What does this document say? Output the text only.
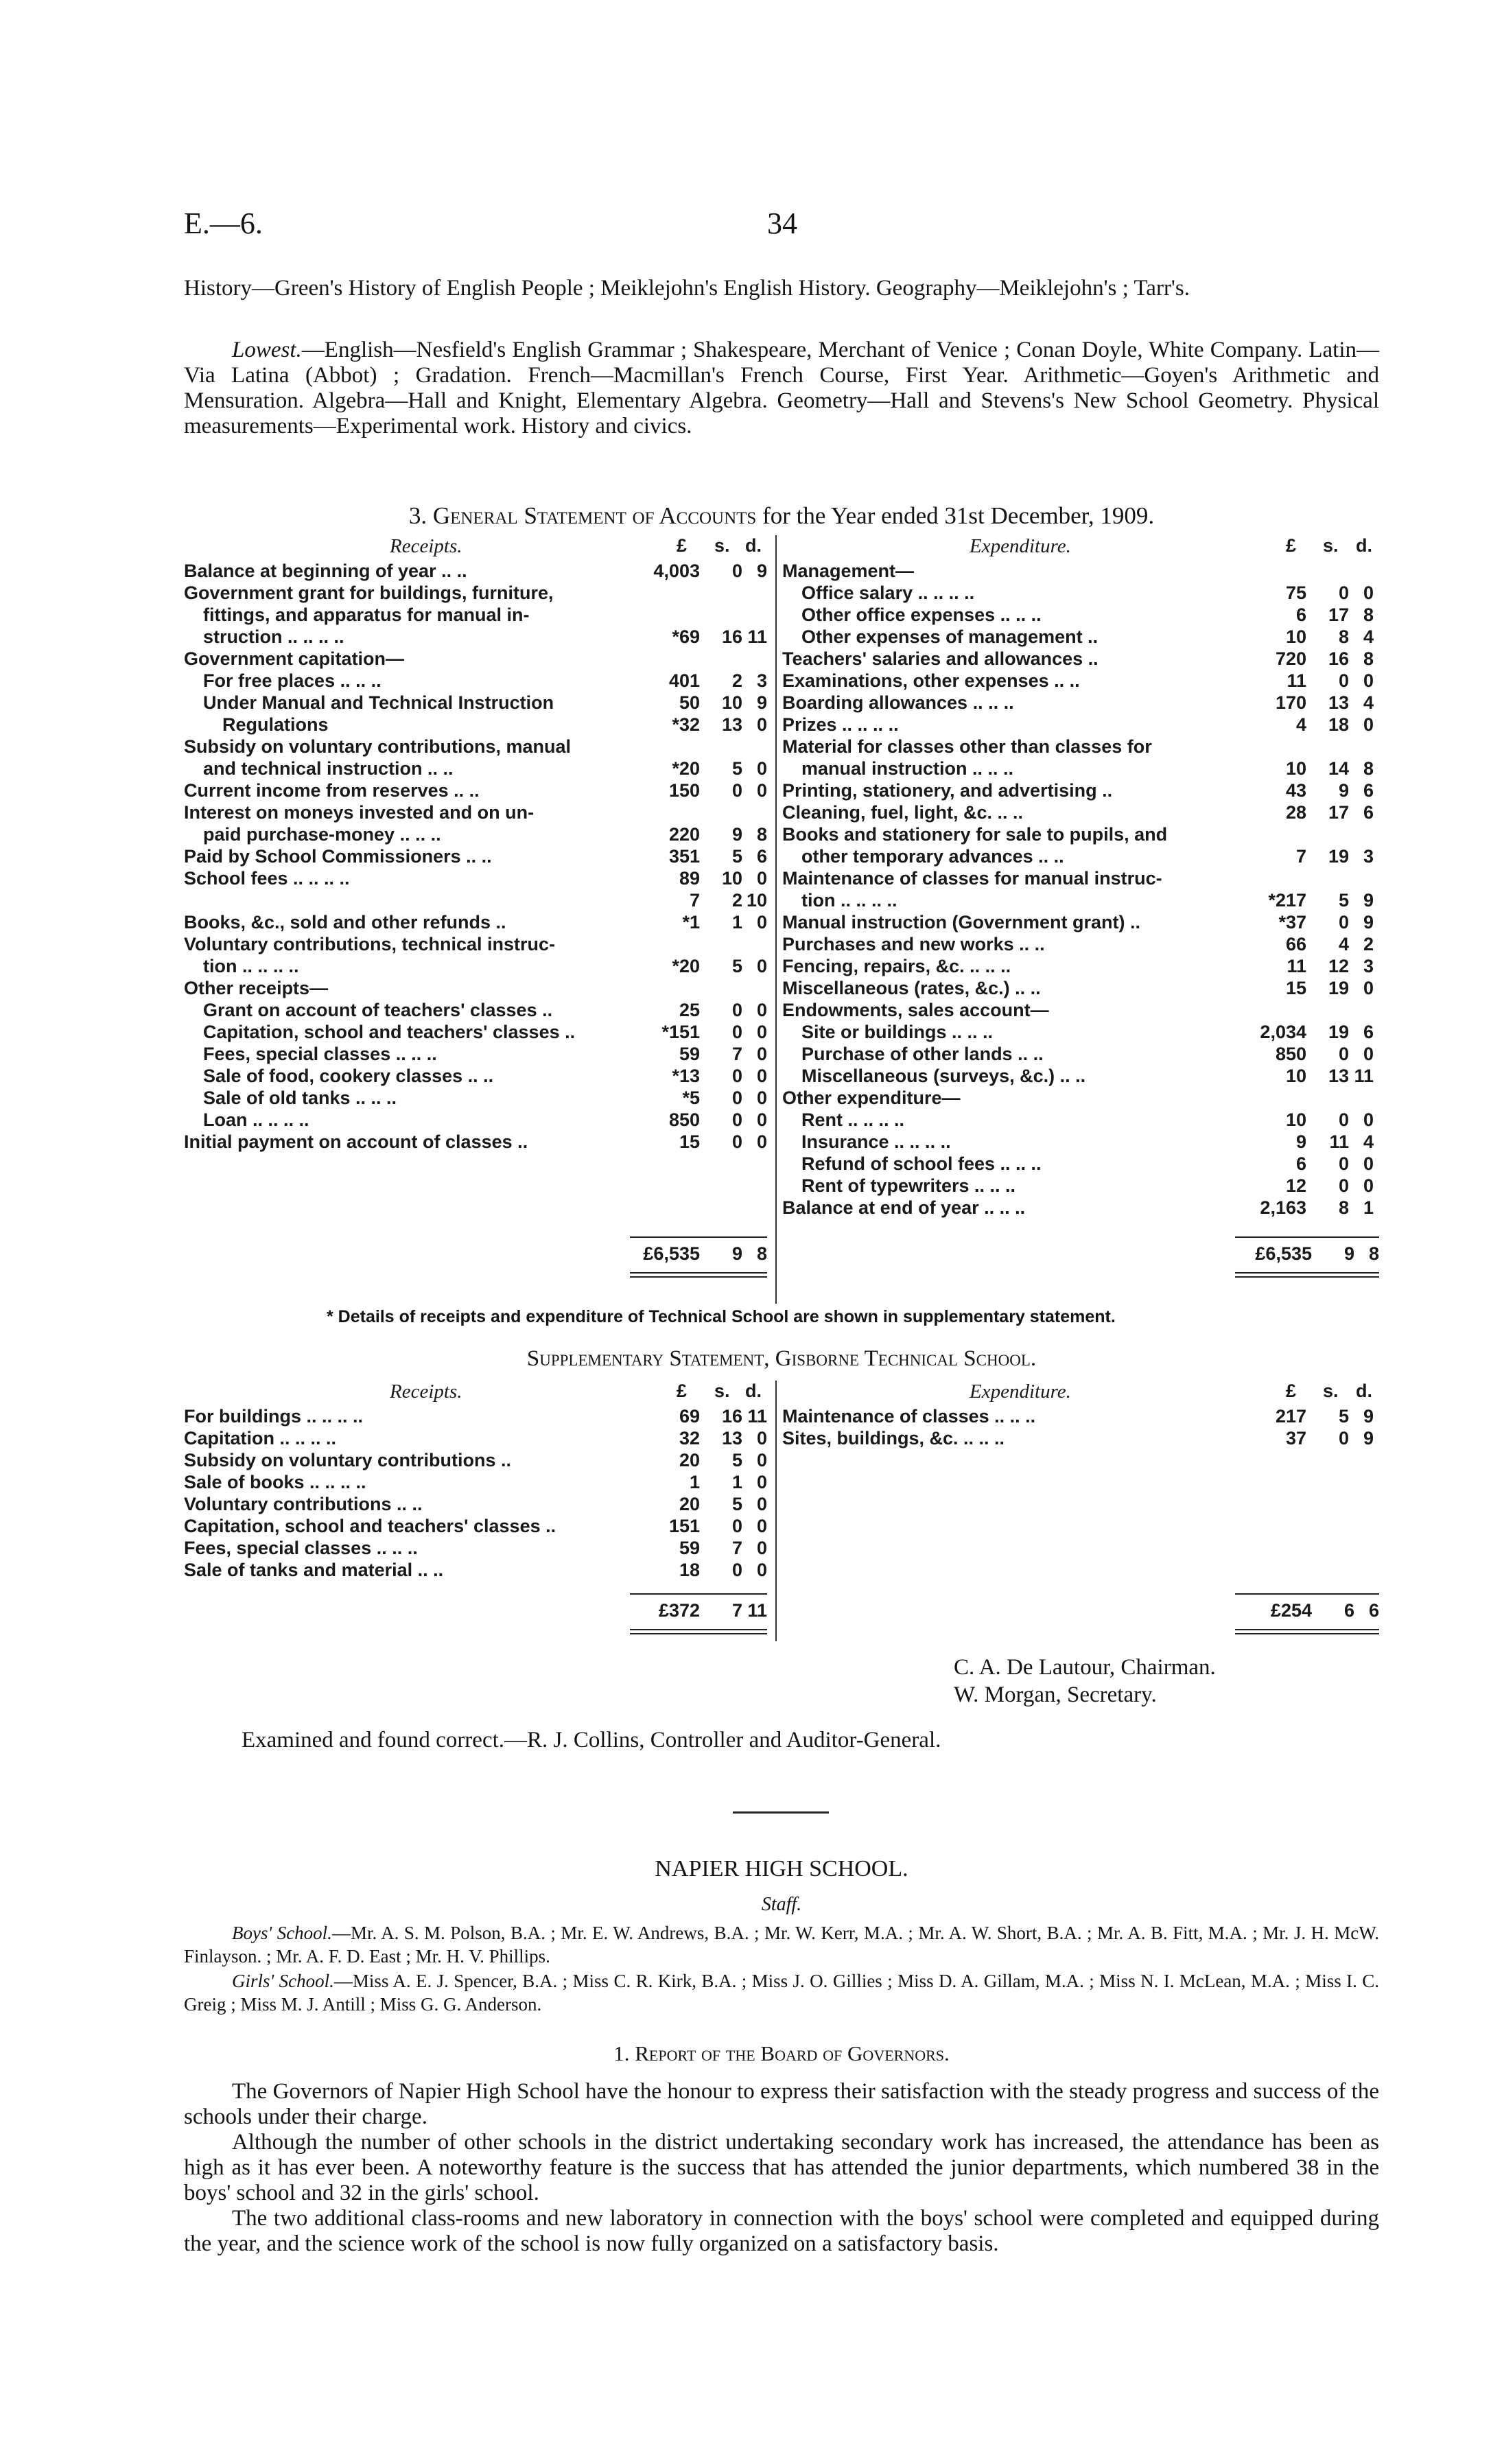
E.—6.	34
History—Green's History of English People ; Meiklejohn's English History. Geography—Meiklejohn's ; Tarr's.
Lowest.—English—Nesfield's English Grammar ; Shakespeare, Merchant of Venice ; Conan Doyle, White Company. Latin—Via Latina (Abbot) ; Gradation. French—Macmillan's French Course, First Year. Arithmetic—Goyen's Arithmetic and Mensuration. Algebra—Hall and Knight, Elementary Algebra. Geometry—Hall and Stevens's New School Geometry. Physical measurements—Experimental work. History and civics.
3. General Statement of Accounts for the Year ended 31st December, 1909.
Receipts.	£ s. d.	Expenditure.	£ s. d.
Balance at beginning of year .. ..	4,003 0 9
Government grant for buildings, furniture,
fittings, and apparatus for manual in-
struction .. .. .. ..	*69 16 11
Government capitation—
For free places .. .. ..	401 2 3
Under Manual and Technical Instruction	50 10 9
Regulations	*32 13 0
Subsidy on voluntary contributions, manual
and technical instruction .. ..	*20 5 0
Current income from reserves .. ..	150 0 0
Interest on moneys invested and on un-
paid purchase-money .. .. ..	220 9 8
Paid by School Commissioners .. ..	351 5 6
School fees .. .. .. ..	89 10 0
7 2 10
Books, &c., sold and other refunds ..	*1 1 0
Voluntary contributions, technical instruc-
tion .. .. .. ..	*20 5 0
Other receipts—
Grant on account of teachers' classes ..	25 0 0
Capitation, school and teachers' classes ..	*151 0 0
Fees, special classes .. .. ..	59 7 0
Sale of food, cookery classes .. ..	*13 0 0
Sale of old tanks .. .. ..	*5 0 0
Loan .. .. .. ..	850 0 0
Initial payment on account of classes ..	15 0 0
Management—
Office salary .. .. .. ..	75 0 0
Other office expenses .. .. ..	6 17 8
Other expenses of management ..	10 8 4
Teachers' salaries and allowances ..	720 16 8
Examinations, other expenses .. ..	11 0 0
Boarding allowances .. .. ..	170 13 4
Prizes .. .. .. ..	4 18 0
Material for classes other than classes for
manual instruction .. .. ..	10 14 8
Printing, stationery, and advertising ..	43 9 6
Cleaning, fuel, light, &c. .. ..	28 17 6
Books and stationery for sale to pupils, and
other temporary advances .. ..	7 19 3
Maintenance of classes for manual instruc-
tion .. .. .. ..	*217 5 9
Manual instruction (Government grant) ..	*37 0 9
Purchases and new works .. ..	66 4 2
Fencing, repairs, &c. .. .. ..	11 12 3
Miscellaneous (rates, &c.) .. ..	15 19 0
Endowments, sales account—
Site or buildings .. .. ..	2,034 19 6
Purchase of other lands .. ..	850 0 0
Miscellaneous (surveys, &c.) .. ..	10 13 11
Other expenditure—
Rent .. .. .. ..	10 0 0
Insurance .. .. .. ..	9 11 4
Refund of school fees .. .. ..	6 0 0
Rent of typewriters .. .. ..	12 0 0
Balance at end of year .. .. ..	2,163 8 1
£6,535 9 8	£6,535 9 8
* Details of receipts and expenditure of Technical School are shown in supplementary statement.
Supplementary Statement, Gisborne Technical School.
Receipts.	£ s. d.	Expenditure.	£ s. d.
For buildings .. .. .. ..	69 16 11
Capitation .. .. .. ..	32 13 0
Subsidy on voluntary contributions ..	20 5 0
Sale of books .. .. .. ..	1 1 0
Voluntary contributions .. ..	20 5 0
Capitation, school and teachers' classes ..	151 0 0
Fees, special classes .. .. ..	59 7 0
Sale of tanks and material .. ..	18 0 0
Maintenance of classes .. .. ..	217 5 9
Sites, buildings, &c. .. .. ..	37 0 9
£372 7 11	£254 6 6
C. A. De Lautour, Chairman.
W. Morgan, Secretary.
Examined and found correct.—R. J. Collins, Controller and Auditor-General.
NAPIER HIGH SCHOOL.
Staff.
Boys' School.—Mr. A. S. M. Polson, B.A. ; Mr. E. W. Andrews, B.A. ; Mr. W. Kerr, M.A. ; Mr. A. W. Short, B.A. ; Mr. A. B. Fitt, M.A. ; Mr. J. H. McW. Finlayson. ; Mr. A. F. D. East ; Mr. H. V. Phillips.
Girls' School.—Miss A. E. J. Spencer, B.A. ; Miss C. R. Kirk, B.A. ; Miss J. O. Gillies ; Miss D. A. Gillam, M.A. ; Miss N. I. McLean, M.A. ; Miss I. C. Greig ; Miss M. J. Antill ; Miss G. G. Anderson.
1. Report of the Board of Governors.
The Governors of Napier High School have the honour to express their satisfaction with the steady progress and success of the schools under their charge.
Although the number of other schools in the district undertaking secondary work has increased, the attendance has been as high as it has ever been. A noteworthy feature is the success that has attended the junior departments, which numbered 38 in the boys' school and 32 in the girls' school.
The two additional class-rooms and new laboratory in connection with the boys' school were completed and equipped during the year, and the science work of the school is now fully organized on a satisfactory basis.
